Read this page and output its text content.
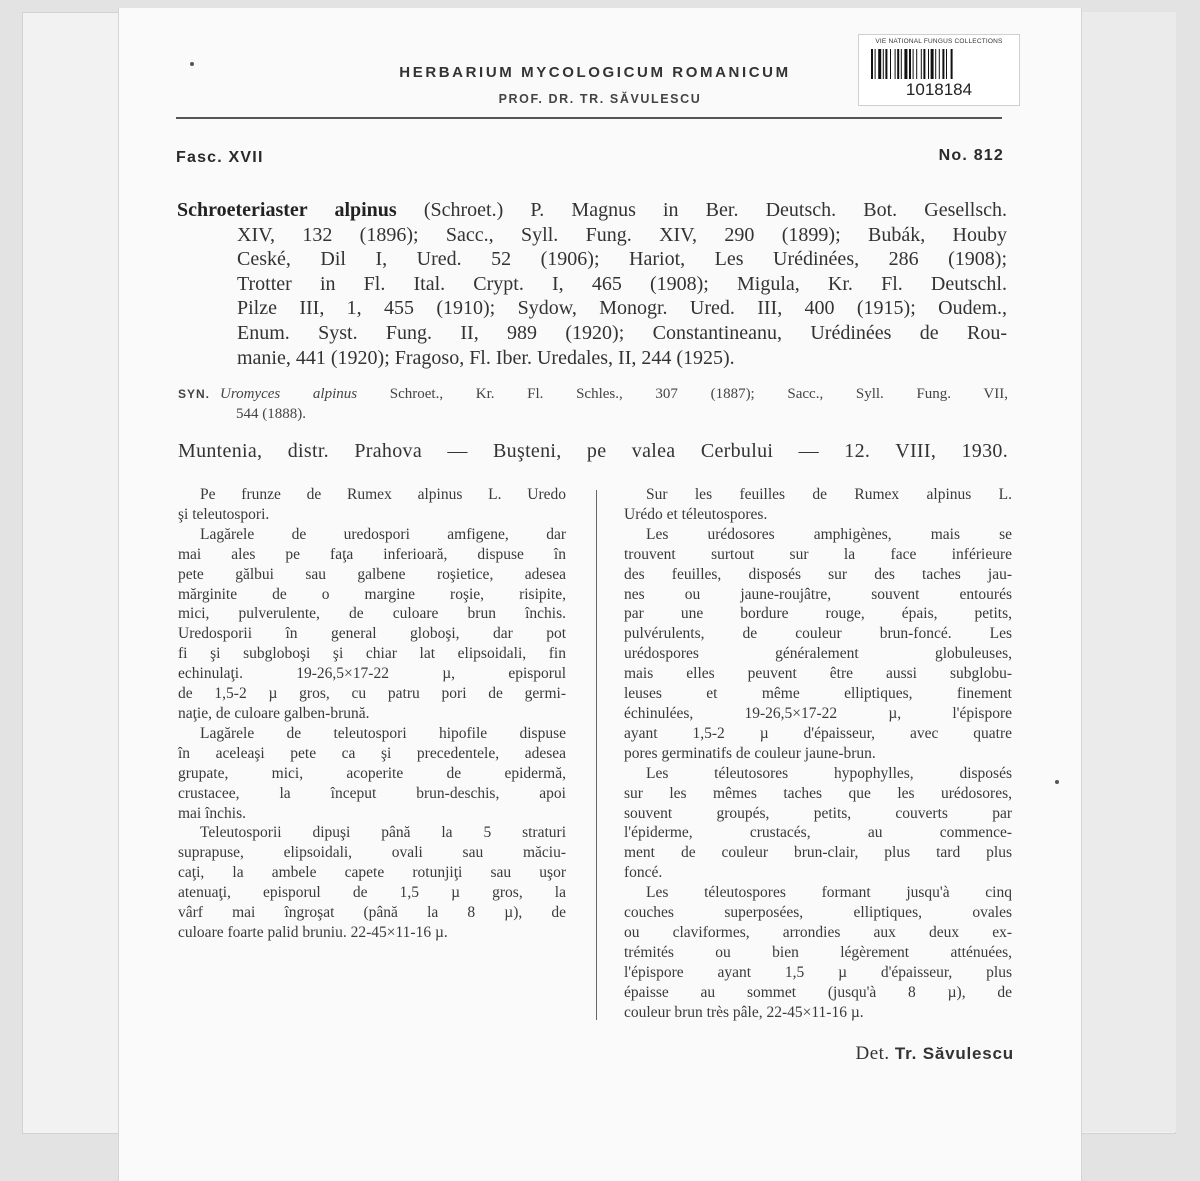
VIE NATIONAL FUNGUS COLLECTIONS
1018184
HERBARIUM MYCOLOGICUM ROMANICUM
PROF. DR. TR. SĂVULESCU
Fasc. XVII	No. 812
Schroeteriaster alpinus (Schroet.) P. Magnus in Ber. Deutsch. Bot. Gesellsch.
XIV, 132 (1896); Sacc., Syll. Fung. XIV, 290 (1899); Bubák, Houby
Ceské, Dil I, Ured. 52 (1906); Hariot, Les Urédinées, 286 (1908);
Trotter in Fl. Ital. Crypt. I, 465 (1908); Migula, Kr. Fl. Deutschl.
Pilze III, 1, 455 (1910); Sydow, Monogr. Ured. III, 400 (1915); Oudem.,
Enum. Syst. Fung. II, 989 (1920); Constantineanu, Urédinées de Rou-
manie, 441 (1920); Fragoso, Fl. Iber. Uredales, II, 244 (1925).
SYN. Uromyces alpinus Schroet., Kr. Fl. Schles., 307 (1887); Sacc., Syll. Fung. VII,
544 (1888).
Muntenia, distr. Prahova — Buşteni, pe valea Cerbului — 12. VIII, 1930.
Pe frunze de Rumex alpinus L. Uredo
şi teleutospori.
Lagărele de uredospori amfigene, dar
mai ales pe faţa inferioară, dispuse în
pete gălbui sau galbene roşietice, adesea
mărginite de o margine roşie, risipite,
mici, pulverulente, de culoare brun închis.
Uredosporii în general globoşi, dar pot
fi şi subgloboşi şi chiar lat elipsoidali, fin
echinulaţi. 19-26,5×17-22 µ, episporul
de 1,5-2 µ gros, cu patru pori de germi-
naţie, de culoare galben-brună.
Lagărele de teleutospori hipofile dispuse
în aceleaşi pete ca şi precedentele, adesea
grupate, mici, acoperite de epidermă,
crustacee, la început brun-deschis, apoi
mai închis.
Teleutosporii dipuşi până la 5 straturi
suprapuse, elipsoidali, ovali sau măciu-
caţi, la ambele capete rotunjiţi sau uşor
atenuaţi, episporul de 1,5 µ gros, la
vârf mai îngroşat (până la 8 µ), de
culoare foarte palid bruniu. 22-45×11-16 µ.
Sur les feuilles de Rumex alpinus L.
Urédo et téleutospores.
Les urédosores amphigènes, mais se
trouvent surtout sur la face inférieure
des feuilles, disposés sur des taches jau-
nes ou jaune-roujâtre, souvent entourés
par une bordure rouge, épais, petits,
pulvérulents, de couleur brun-foncé. Les
urédospores généralement globuleuses,
mais elles peuvent être aussi subglobu-
leuses et même elliptiques, finement
échinulées, 19-26,5×17-22 µ, l'épispore
ayant 1,5-2 µ d'épaisseur, avec quatre
pores germinatifs de couleur jaune-brun.
Les téleutosores hypophylles, disposés
sur les mêmes taches que les urédosores,
souvent groupés, petits, couverts par
l'épiderme, crustacés, au commence-
ment de couleur brun-clair, plus tard plus
foncé.
Les téleutospores formant jusqu'à cinq
couches superposées, elliptiques, ovales
ou claviformes, arrondies aux deux ex-
trémités ou bien légèrement atténuées,
l'épispore ayant 1,5 µ d'épaisseur, plus
épaisse au sommet (jusqu'à 8 µ), de
couleur brun très pâle, 22-45×11-16 µ.
Det. Tr. Săvulescu
